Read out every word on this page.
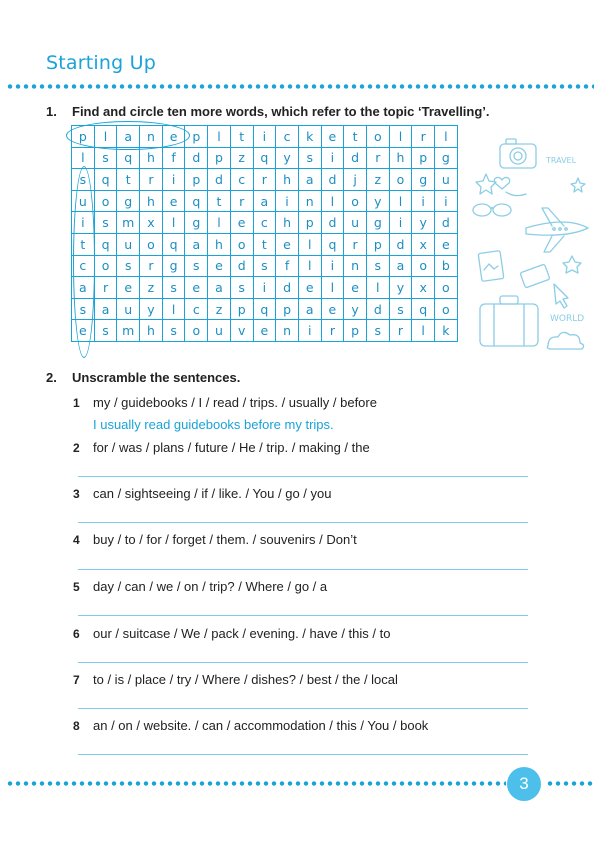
Starting Up
1. Find and circle ten more words, which refer to the topic ‘Travelling’.
p	l	a	n	e	p	l	t	i	c	k	e	t	o	l	r	l
l	s	q	h	f	d	p	z	q	y	s	i	d	r	h	p	g
s	q	t	r	i	p	d	c	r	h	a	d	j	z	o	g	u
u	o	g	h	e	q	t	r	a	i	n	l	o	y	l	i	i
i	s	m	x	l	g	l	e	c	h	p	d	u	g	i	y	d
t	q	u	o	q	a	h	o	t	e	l	q	r	p	d	x	e
c	o	s	r	g	s	e	d	s	f	l	i	n	s	a	o	b
a	r	e	z	s	e	a	s	i	d	e	l	e	l	y	x	o
s	a	u	y	l	c	z	p	q	p	a	e	y	d	s	q	o
e	s	m	h	s	o	u	v	e	n	i	r	p	s	r	l	k
TRAVEL
WORLD
2. Unscramble the sentences.
1 my / guidebooks / I / read / trips. / usually / before
I usually read guidebooks before my trips.
2 for / was / plans / future / He / trip. / making / the
3 can / sightseeing / if / like. / You / go / you
4 buy / to / for / forget / them. / souvenirs / Don’t
5 day / can / we / on / trip? / Where / go / a
6 our / suitcase / We / pack / evening. / have / this / to
7 to / is / place / try / Where / dishes? / best / the / local
8 an / on / website. / can / accommodation / this / You / book
3
